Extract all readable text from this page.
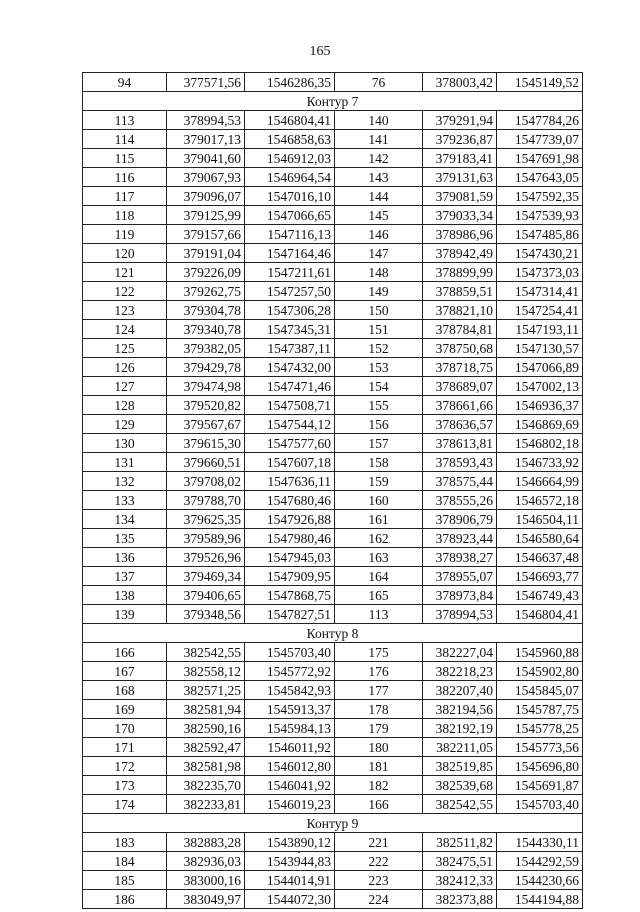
165
94	377571,56	1546286,35	76	378003,42	1545149,52
Контур 7					
113	378994,53	1546804,41	140	379291,94	1547784,26
114	379017,13	1546858,63	141	379236,87	1547739,07
115	379041,60	1546912,03	142	379183,41	1547691,98
116	379067,93	1546964,54	143	379131,63	1547643,05
117	379096,07	1547016,10	144	379081,59	1547592,35
118	379125,99	1547066,65	145	379033,34	1547539,93
119	379157,66	1547116,13	146	378986,96	1547485,86
120	379191,04	1547164,46	147	378942,49	1547430,21
121	379226,09	1547211,61	148	378899,99	1547373,03
122	379262,75	1547257,50	149	378859,51	1547314,41
123	379304,78	1547306,28	150	378821,10	1547254,41
124	379340,78	1547345,31	151	378784,81	1547193,11
125	379382,05	1547387,11	152	378750,68	1547130,57
126	379429,78	1547432,00	153	378718,75	1547066,89
127	379474,98	1547471,46	154	378689,07	1547002,13
128	379520,82	1547508,71	155	378661,66	1546936,37
129	379567,67	1547544,12	156	378636,57	1546869,69
130	379615,30	1547577,60	157	378613,81	1546802,18
131	379660,51	1547607,18	158	378593,43	1546733,92
132	379708,02	1547636,11	159	378575,44	1546664,99
133	379788,70	1547680,46	160	378555,26	1546572,18
134	379625,35	1547926,88	161	378906,79	1546504,11
135	379589,96	1547980,46	162	378923,44	1546580,64
136	379526,96	1547945,03	163	378938,27	1546637,48
137	379469,34	1547909,95	164	378955,07	1546693,77
138	379406,65	1547868,75	165	378973,84	1546749,43
139	379348,56	1547827,51	113	378994,53	1546804,41
Контур 8					
166	382542,55	1545703,40	175	382227,04	1545960,88
167	382558,12	1545772,92	176	382218,23	1545902,80
168	382571,25	1545842,93	177	382207,40	1545845,07
169	382581,94	1545913,37	178	382194,56	1545787,75
170	382590,16	1545984,13	179	382192,19	1545778,25
171	382592,47	1546011,92	180	382211,05	1545773,56
172	382581,98	1546012,80	181	382519,85	1545696,80
173	382235,70	1546041,92	182	382539,68	1545691,87
174	382233,81	1546019,23	166	382542,55	1545703,40
Контур 9					
183	382883,28	1543890,12	221	382511,82	1544330,11
184	382936,03	1543944,83	222	382475,51	1544292,59
185	383000,16	1544014,91	223	382412,33	1544230,66
186	383049,97	1544072,30	224	382373,88	1544194,88
